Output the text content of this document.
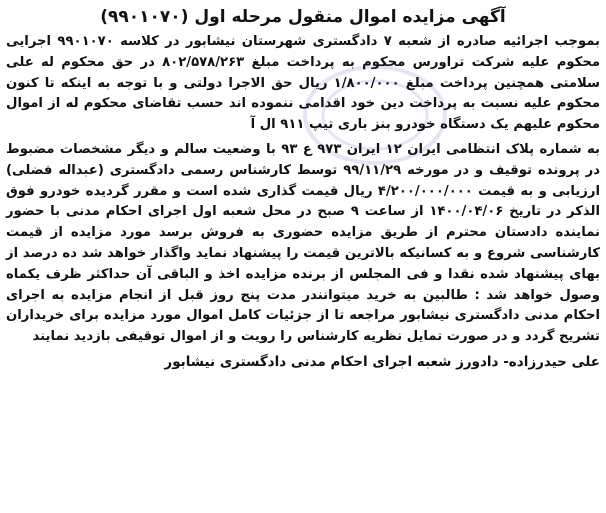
آگهی مزایده اموال منقول مرحله اول (۹۹۰۱۰۷۰)

بموجب اجرائیه صادره از شعبه ۷ دادگستری شهرستان نیشابور در کلاسه ۹۹۰۱۰۷۰ اجرایی محکوم علیه شرکت تراورس محکوم به پرداخت مبلغ ۸۰۲/۵۷۸/۲۶۳ در حق محکوم له علی سلامتی همچنین پرداخت مبلغ ۱/۸۰۰/۰۰۰ ریال حق الاجرا دولتی و با توجه به اینکه تا کنون محکوم علیه نسبت به پرداخت دین خود اقدامی ننموده اند حسب تقاضای محکوم له از اموال محکوم علیهم یک دستگاه خودرو بنز باری تیپ ۹۱۱ ال آ

به شماره پلاک انتظامی ایران ۱۲ ایران ۹۷۳ ع ۹۳ با وضعیت سالم و دیگر مشخصات مضبوط در پرونده توقیف و در مورخه ۹۹/۱۱/۲۹ توسط کارشناس رسمی دادگستری (عبداله فضلی) ارزیابی و به قیمت ۴/۲۰۰/۰۰۰/۰۰۰ ریال قیمت گذاری شده است و مقرر گردیده خودرو فوق الذکر در تاریخ ۱۴۰۰/۰۴/۰۶ از ساعت ۹ صبح در محل شعبه اول اجرای احکام مدنی با حضور نماینده دادستان محترم از طریق مزایده حضوری به فروش برسد مورد مزایده از قیمت کارشناسی شروع و به کسانیکه بالاترین قیمت را پیشنهاد نماید واگذار خواهد شد ده درصد از بهای پیشنهاد شده نقدا و فی المجلس از برنده مزایده اخذ و الباقی آن حداکثر ظرف یکماه وصول خواهد شد : طالبین به خرید میتوانندر مدت پنج روز قبل از انجام مزایده به اجرای احکام مدنی دادگستری نیشابور مراجعه تا از جزئیات کامل اموال مورد مزایده برای خریداران تشریح گردد و در صورت تمایل نظریه کارشناس را رویت و از اموال توقیفی بازدید نمایند

علی حیدرزاده- دادورز شعبه اجرای احکام مدنی دادگستری نیشابور
